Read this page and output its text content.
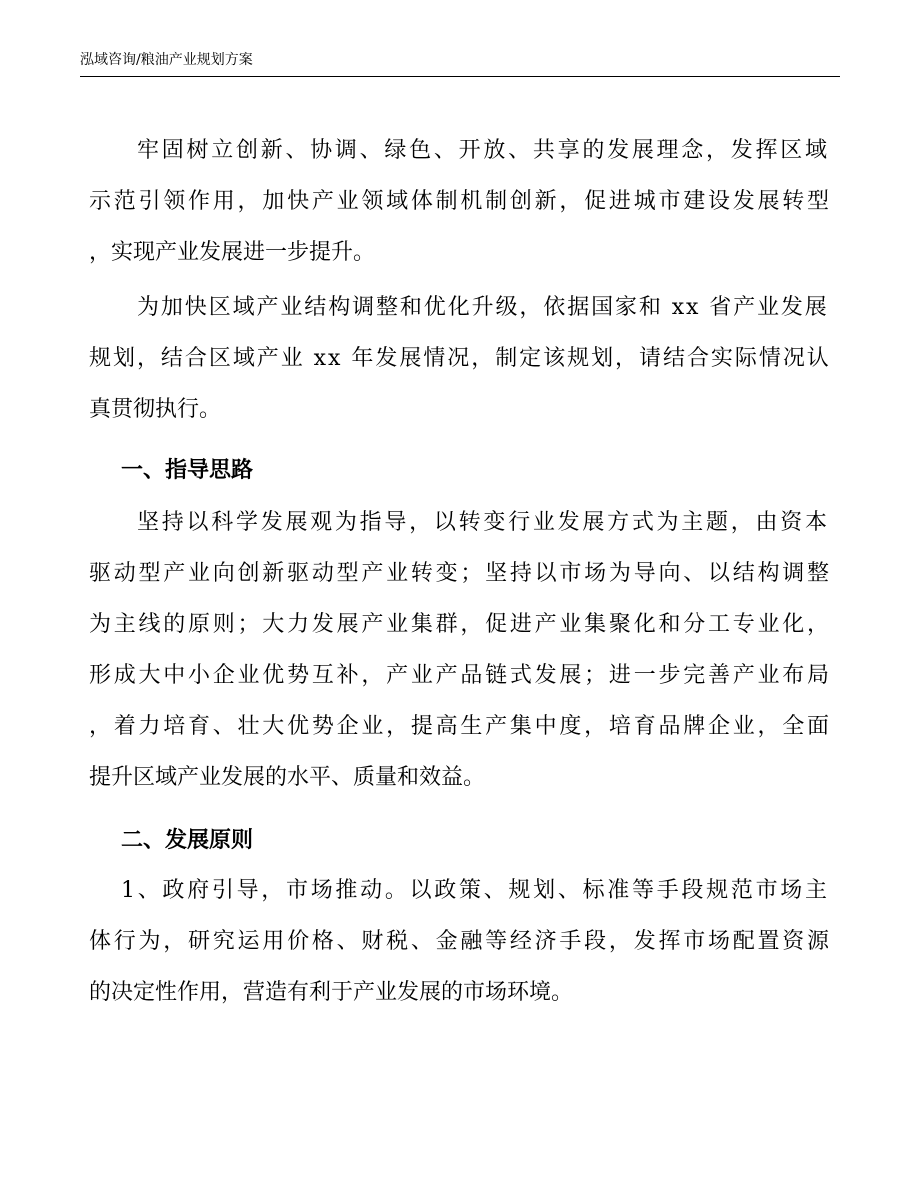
泓域咨询/粮油产业规划方案
牢固树立创新、协调、绿色、开放、共享的发展理念，发挥区域
示范引领作用，加快产业领域体制机制创新，促进城市建设发展转型
，实现产业发展进一步提升。
为加快区域产业结构调整和优化升级，依据国家和 xx 省产业发展
规划，结合区域产业 xx 年发展情况，制定该规划，请结合实际情况认
真贯彻执行。
一、指导思路
坚持以科学发展观为指导，以转变行业发展方式为主题，由资本
驱动型产业向创新驱动型产业转变；坚持以市场为导向、以结构调整
为主线的原则；大力发展产业集群，促进产业集聚化和分工专业化，
形成大中小企业优势互补，产业产品链式发展；进一步完善产业布局
，着力培育、壮大优势企业，提高生产集中度，培育品牌企业，全面
提升区域产业发展的水平、质量和效益。
二、发展原则
1、政府引导，市场推动。以政策、规划、标准等手段规范市场主
体行为，研究运用价格、财税、金融等经济手段，发挥市场配置资源
的决定性作用，营造有利于产业发展的市场环境。
